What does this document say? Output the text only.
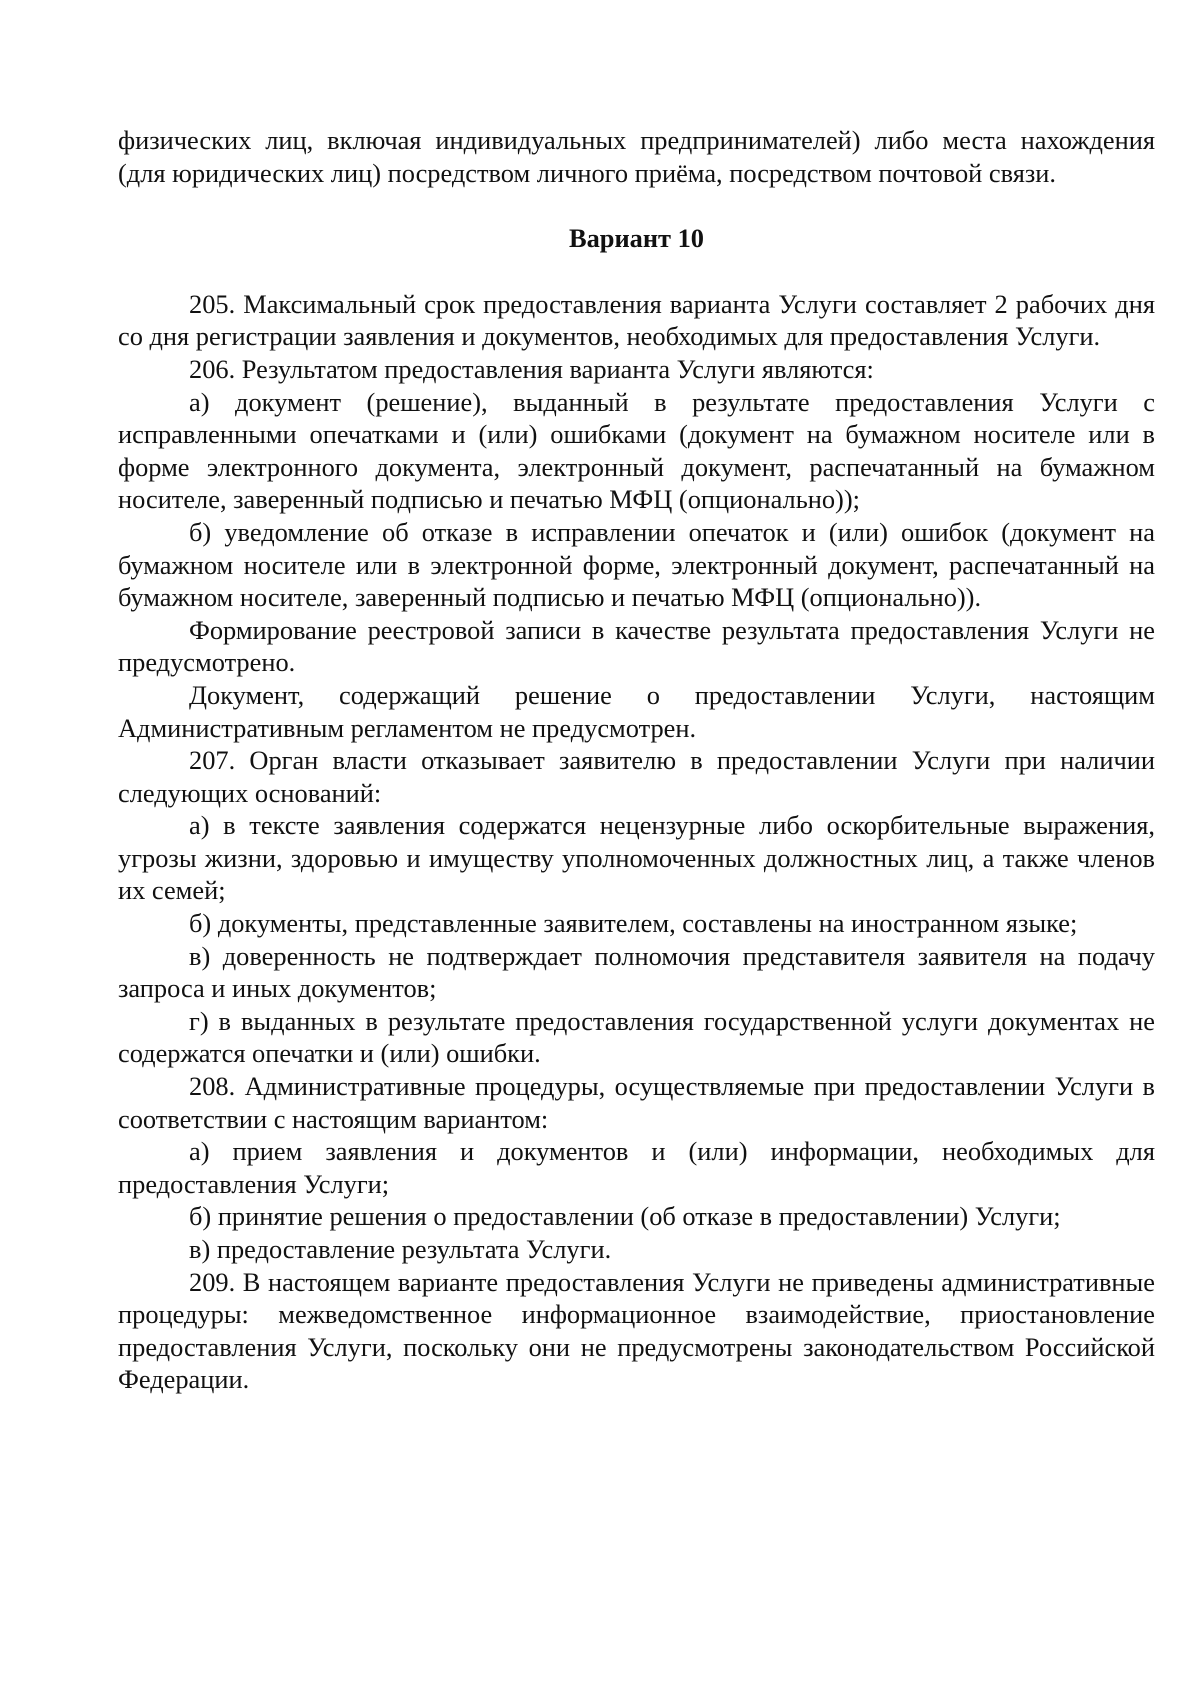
физических лиц, включая индивидуальных предпринимателей) либо места нахождения (для юридических лиц) посредством личного приёма, посредством почтовой связи.

Вариант 10

205. Максимальный срок предоставления варианта Услуги составляет 2 рабочих дня со дня регистрации заявления и документов, необходимых для предоставления Услуги.

206. Результатом предоставления варианта Услуги являются:

а) документ (решение), выданный в результате предоставления Услуги с исправленными опечатками и (или) ошибками (документ на бумажном носителе или в форме электронного документа, электронный документ, распечатанный на бумажном носителе, заверенный подписью и печатью МФЦ (опционально));

б) уведомление об отказе в исправлении опечаток и (или) ошибок (документ на бумажном носителе или в электронной форме, электронный документ, распечатанный на бумажном носителе, заверенный подписью и печатью МФЦ (опционально)).

Формирование реестровой записи в качестве результата предоставления Услуги не предусмотрено.

Документ, содержащий решение о предоставлении Услуги, настоящим Административным регламентом не предусмотрен.

207. Орган власти отказывает заявителю в предоставлении Услуги при наличии следующих оснований:

а) в тексте заявления содержатся нецензурные либо оскорбительные выражения, угрозы жизни, здоровью и имуществу уполномоченных должностных лиц, а также членов их семей;

б) документы, представленные заявителем, составлены на иностранном языке;

в) доверенность не подтверждает полномочия представителя заявителя на подачу запроса и иных документов;

г) в выданных в результате предоставления государственной услуги документах не содержатся опечатки и (или) ошибки.

208. Административные процедуры, осуществляемые при предоставлении Услуги в соответствии с настоящим вариантом:

а) прием заявления и документов и (или) информации, необходимых для предоставления Услуги;

б) принятие решения о предоставлении (об отказе в предоставлении) Услуги;

в) предоставление результата Услуги.

209. В настоящем варианте предоставления Услуги не приведены административные процедуры: межведомственное информационное взаимодействие, приостановление предоставления Услуги, поскольку они не предусмотрены законодательством Российской Федерации.
